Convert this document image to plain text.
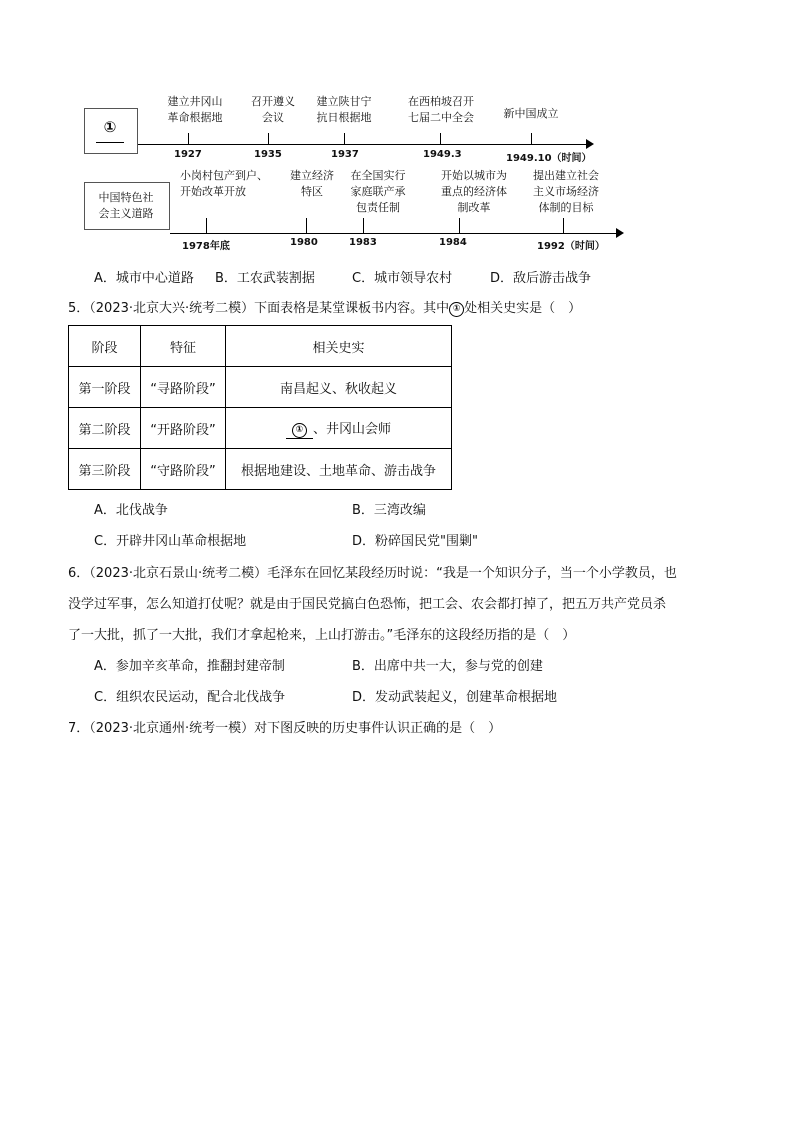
①
建立井冈山
革命根据地
1927
召开遵义
会议
1935
建立陕甘宁
抗日根据地
1937
在西柏坡召开
七届二中全会
1949.3
新中国成立
1949.10（时间）
中国特色社
会主义道路
小岗村包产到户、
开始改革开放
1978年底
建立经济
特区
1980
在全国实行
家庭联产承
包责任制
1983
开始以城市为
重点的经济体
制改革
1984
提出建立社会
主义市场经济
体制的目标
1992（时间）
A．城市中心道路 B．工农武装割据	C．城市领导农村	D．敌后游击战争
5．（2023·北京大兴·统考二模）下面表格是某堂课板书内容。其中 ① 处相关史实是（　）
阶段	特征	相关史实
第一阶段	“寻路阶段”	南昌起义、秋收起义
第二阶段	“开路阶段”	① 、井冈山会师
第三阶段	“守路阶段”	根据地建设、土地革命、游击战争
A．北伐战争	B．三湾改编
C．开辟井冈山革命根据地	D．粉碎国民党"围剿"
6．（2023·北京石景山·统考二模）毛泽东在回忆某段经历时说：“我是一个知识分子，当一个小学教员，也
没学过军事，怎么知道打仗呢？就是由于国民党搞白色恐怖，把工会、农会都打掉了，把五万共产党员杀
了一大批，抓了一大批，我们才拿起枪来，上山打游击。”毛泽东的这段经历指的是（　）
A．参加辛亥革命，推翻封建帝制	B．出席中共一大，参与党的创建
C．组织农民运动，配合北伐战争	D．发动武装起义，创建革命根据地
7．（2023·北京通州·统考一模）对下图反映的历史事件认识正确的是（　）
